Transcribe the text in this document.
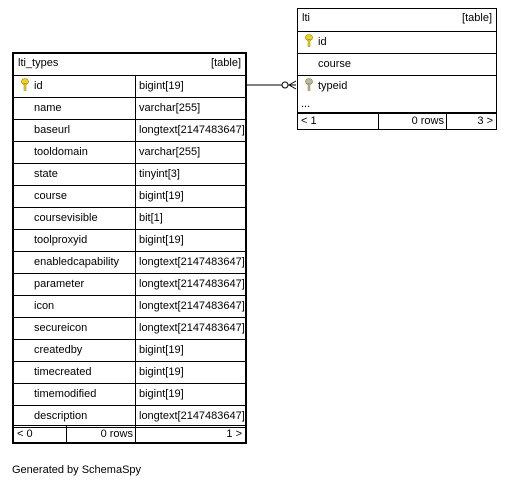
lti_types	[table]
id	bigint[19]
name	varchar[255]
baseurl	longtext[2147483647]
tooldomain	varchar[255]
state	tinyint[3]
course	bigint[19]
coursevisible	bit[1]
toolproxyid	bigint[19]
enabledcapability longtext[2147483647]
parameter	longtext[2147483647]
icon	longtext[2147483647]
secureicon	longtext[2147483647]
createdby	bigint[19]
timecreated	bigint[19]
timemodified	bigint[19]
description	longtext[2147483647]
< 0	0 rows	1 >
lti	[table]
id
course
typeid
...
< 1	0 rows	3 >
Generated by SchemaSpy
